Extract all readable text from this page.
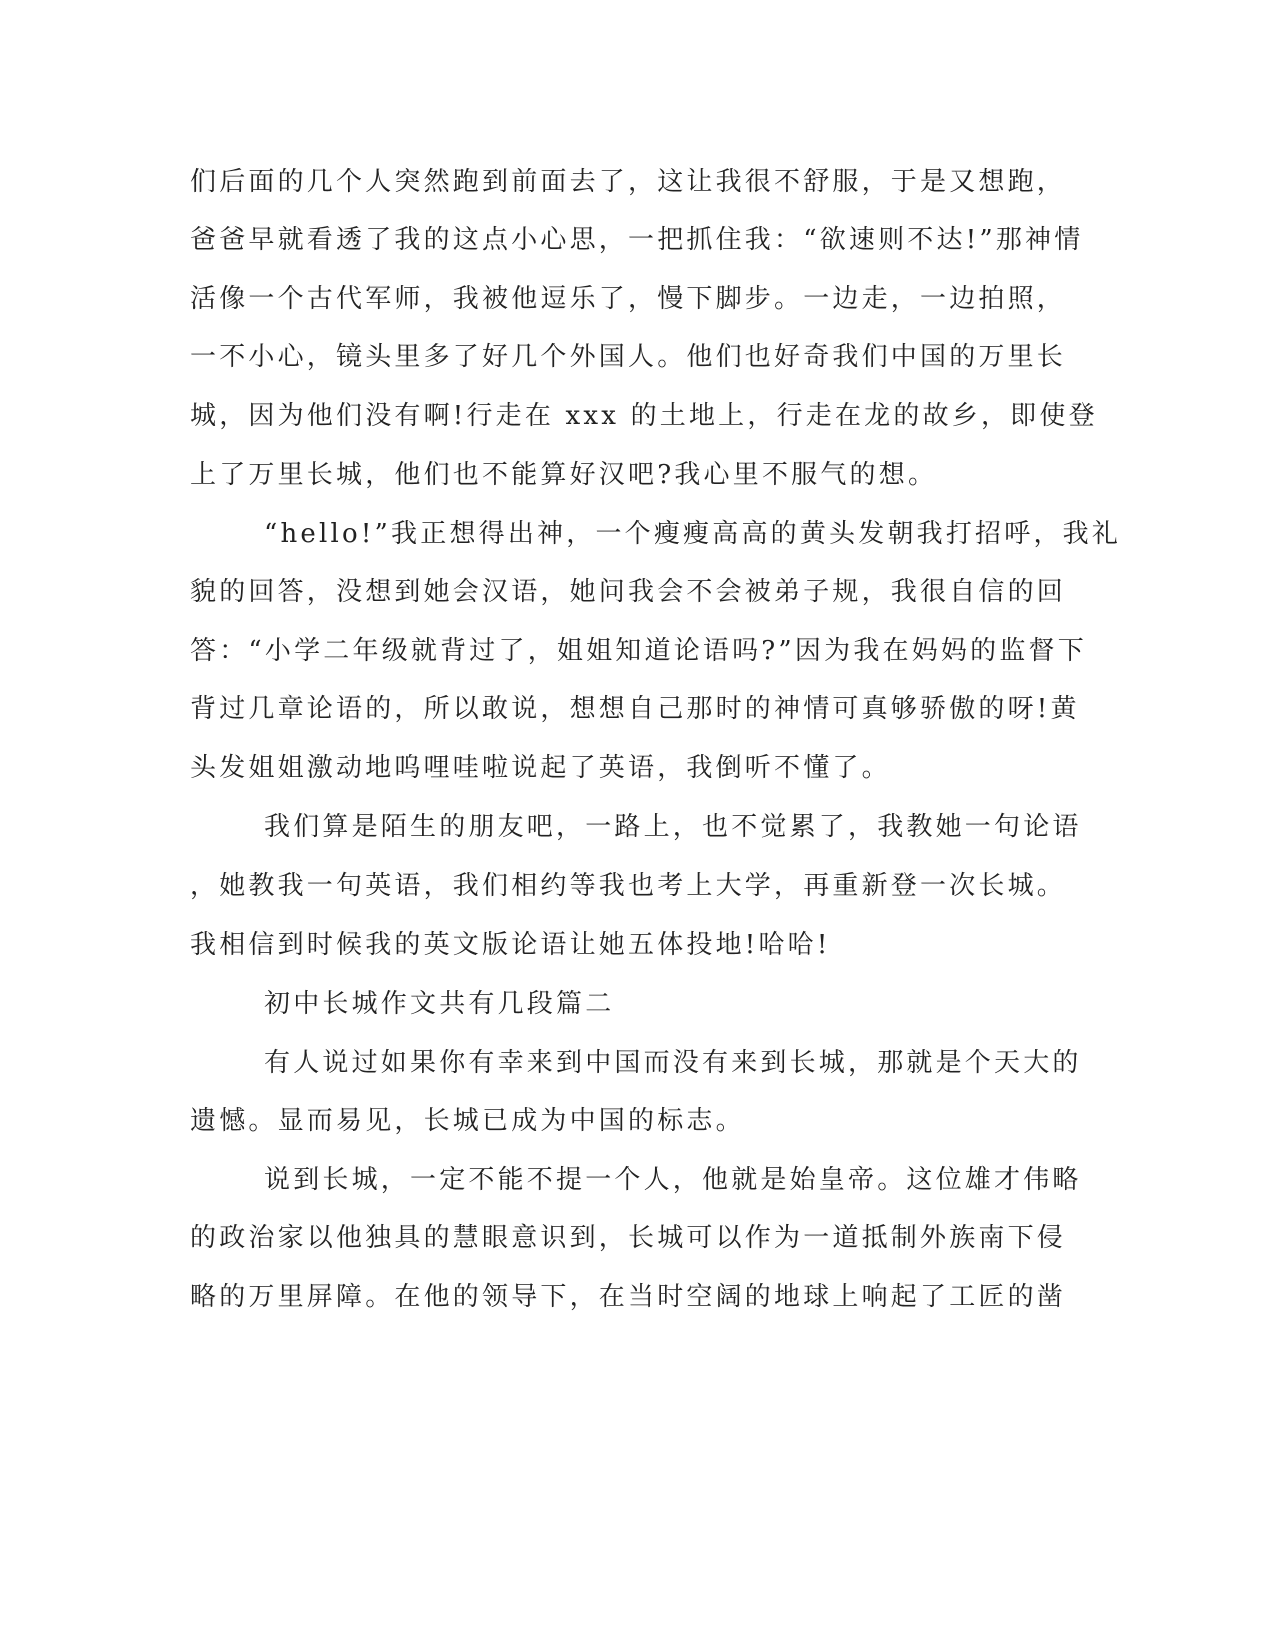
们后面的几个人突然跑到前面去了，这让我很不舒服，于是又想跑，
爸爸早就看透了我的这点小心思，一把抓住我：“欲速则不达!”那神情
活像一个古代军师，我被他逗乐了，慢下脚步。一边走，一边拍照，
一不小心，镜头里多了好几个外国人。他们也好奇我们中国的万里长
城，因为他们没有啊!行走在 xxx 的土地上，行走在龙的故乡，即使登
上了万里长城，他们也不能算好汉吧?我心里不服气的想。
“hello!”我正想得出神，一个瘦瘦高高的黄头发朝我打招呼，我礼
貌的回答，没想到她会汉语，她问我会不会被弟子规，我很自信的回
答：“小学二年级就背过了，姐姐知道论语吗?”因为我在妈妈的监督下
背过几章论语的，所以敢说，想想自己那时的神情可真够骄傲的呀!黄
头发姐姐激动地呜哩哇啦说起了英语，我倒听不懂了。
我们算是陌生的朋友吧，一路上，也不觉累了，我教她一句论语
，她教我一句英语，我们相约等我也考上大学，再重新登一次长城。
我相信到时候我的英文版论语让她五体投地!哈哈!
初中长城作文共有几段篇二
有人说过如果你有幸来到中国而没有来到长城，那就是个天大的
遗憾。显而易见，长城已成为中国的标志。
说到长城，一定不能不提一个人，他就是始皇帝。这位雄才伟略
的政治家以他独具的慧眼意识到，长城可以作为一道抵制外族南下侵
略的万里屏障。在他的领导下，在当时空阔的地球上响起了工匠的凿
